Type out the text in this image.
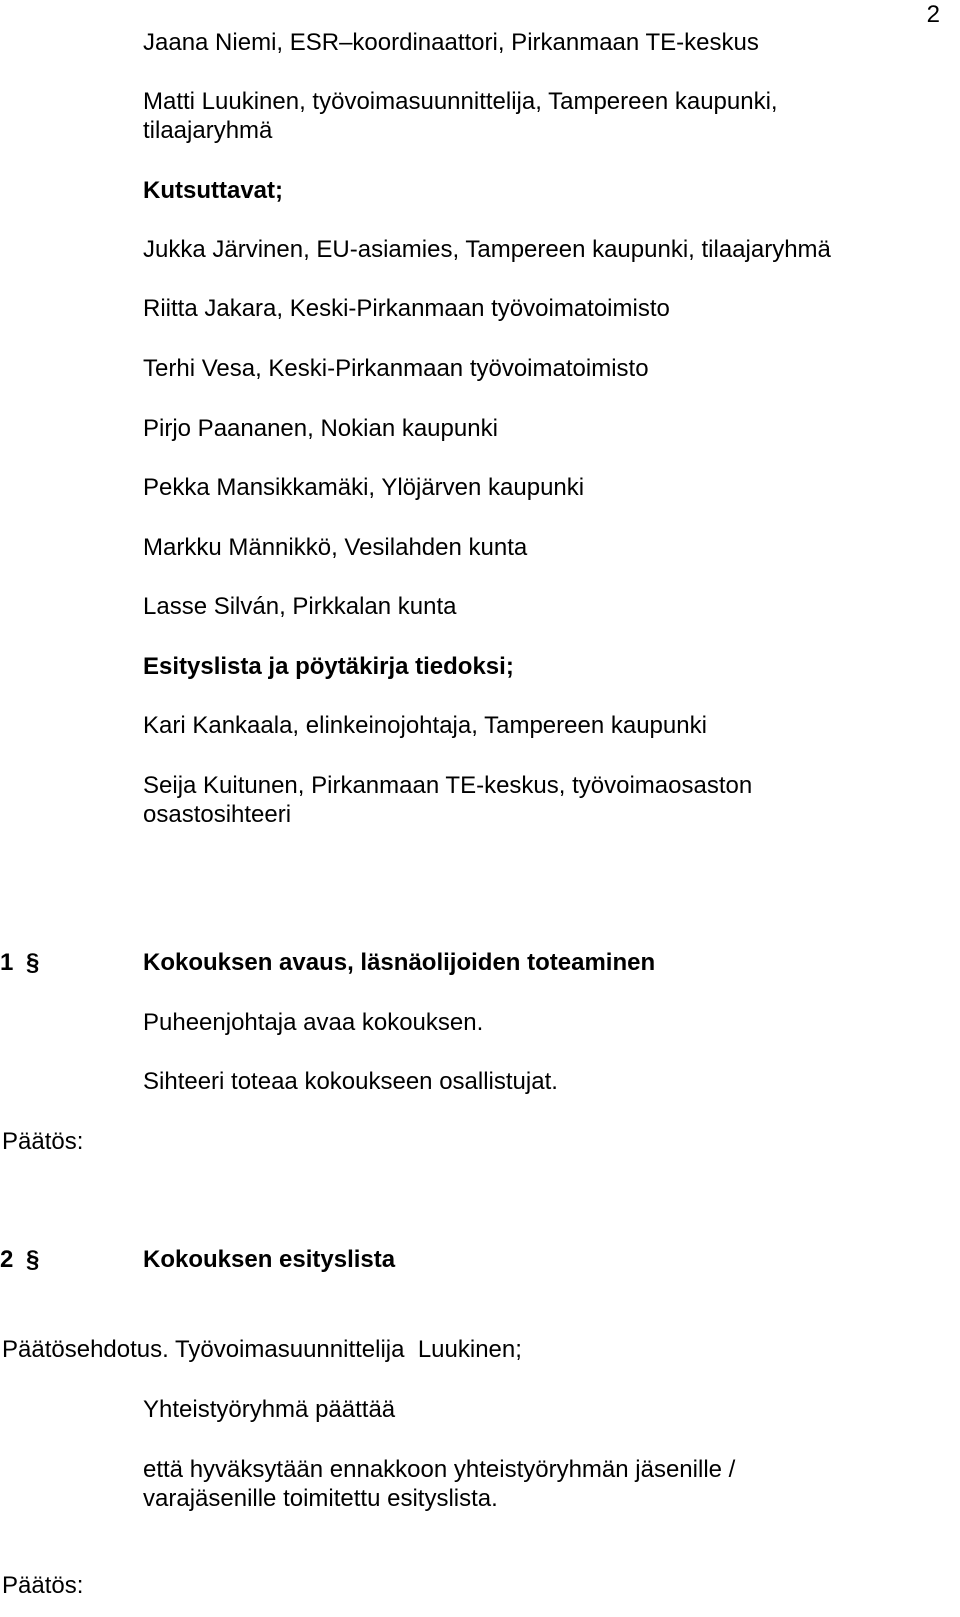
2
Jaana Niemi, ESR–koordinaattori, Pirkanmaan TE-keskus
Matti Luukinen, työvoimasuunnittelija, Tampereen kaupunki,
tilaajaryhmä
Kutsuttavat;
Jukka Järvinen, EU-asiamies, Tampereen kaupunki, tilaajaryhmä
Riitta Jakara, Keski-Pirkanmaan työvoimatoimisto
Terhi Vesa, Keski-Pirkanmaan työvoimatoimisto
Pirjo Paananen, Nokian kaupunki
Pekka Mansikkamäki, Ylöjärven kaupunki
Markku Männikkö, Vesilahden kunta
Lasse Silván, Pirkkalan kunta
Esityslista ja pöytäkirja tiedoksi;
Kari Kankaala, elinkeinojohtaja, Tampereen kaupunki
Seija Kuitunen, Pirkanmaan TE-keskus, työvoimaosaston
osastosihteeri
1 §	Kokouksen avaus, läsnäolijoiden toteaminen
Puheenjohtaja avaa kokouksen.
Sihteeri toteaa kokoukseen osallistujat.
Päätös:
2 §	Kokouksen esityslista
Päätösehdotus. Työvoimasuunnittelija  Luukinen;
Yhteistyöryhmä päättää
että hyväksytään ennakkoon yhteistyöryhmän jäsenille /
varajäsenille toimitettu esityslista.
Päätös:
